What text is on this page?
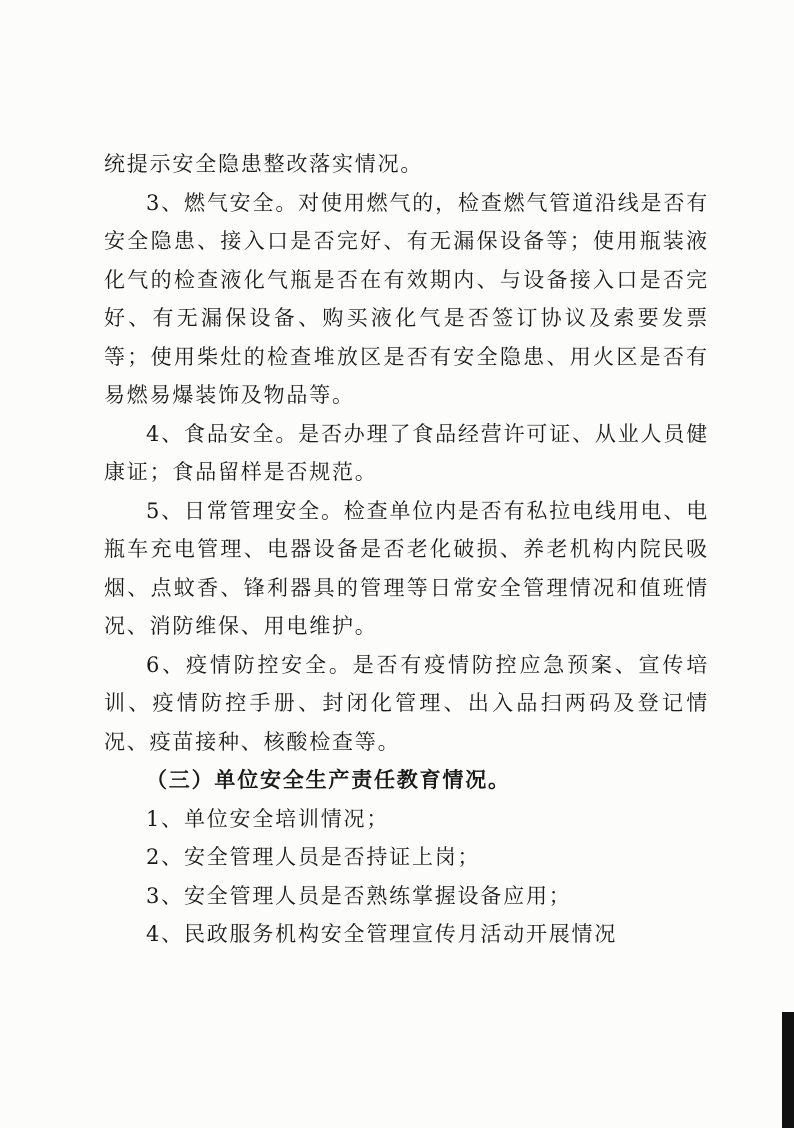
统提示安全隐患整改落实情况。

3、燃气安全。对使用燃气的，检查燃气管道沿线是否有安全隐患、接入口是否完好、有无漏保设备等；使用瓶装液化气的检查液化气瓶是否在有效期内、与设备接入口是否完好、有无漏保设备、购买液化气是否签订协议及索要发票等；使用柴灶的检查堆放区是否有安全隐患、用火区是否有易燃易爆装饰及物品等。

4、食品安全。是否办理了食品经营许可证、从业人员健康证；食品留样是否规范。

5、日常管理安全。检查单位内是否有私拉电线用电、电瓶车充电管理、电器设备是否老化破损、养老机构内院民吸烟、点蚊香、锋利器具的管理等日常安全管理情况和值班情况、消防维保、用电维护。

6、疫情防控安全。是否有疫情防控应急预案、宣传培训、疫情防控手册、封闭化管理、出入品扫两码及登记情况、疫苗接种、核酸检查等。

（三）单位安全生产责任教育情况。

1、单位安全培训情况；

2、安全管理人员是否持证上岗；

3、安全管理人员是否熟练掌握设备应用；

4、民政服务机构安全管理宣传月活动开展情况
